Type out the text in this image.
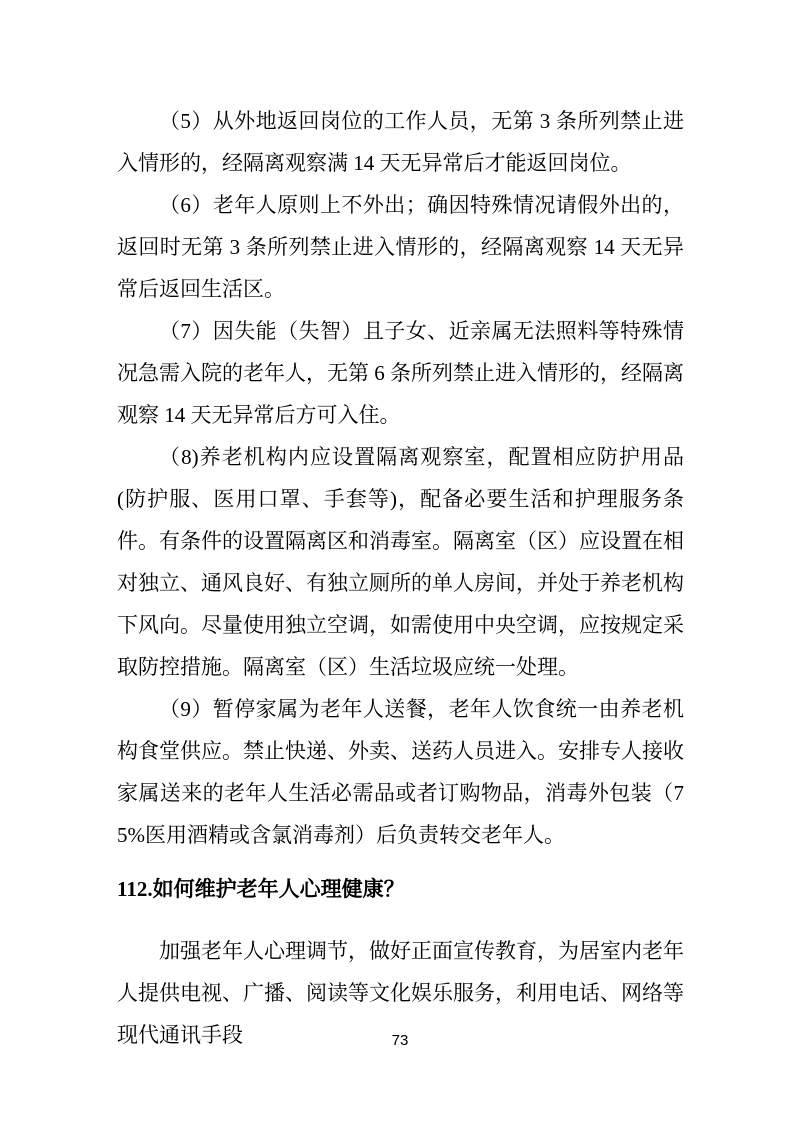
（5）从外地返回岗位的工作人员，无第 3 条所列禁止进入情形的，经隔离观察满 14 天无异常后才能返回岗位。

（6）老年人原则上不外出；确因特殊情况请假外出的，返回时无第 3 条所列禁止进入情形的，经隔离观察 14 天无异常后返回生活区。

（7）因失能（失智）且子女、近亲属无法照料等特殊情况急需入院的老年人，无第 6 条所列禁止进入情形的，经隔离观察 14 天无异常后方可入住。

（8)养老机构内应设置隔离观察室，配置相应防护用品(防护服、医用口罩、手套等)，配备必要生活和护理服务条件。有条件的设置隔离区和消毒室。隔离室（区）应设置在相对独立、通风良好、有独立厕所的单人房间，并处于养老机构下风向。尽量使用独立空调，如需使用中央空调，应按规定采取防控措施。隔离室（区）生活垃圾应统一处理。

（9）暂停家属为老年人送餐，老年人饮食统一由养老机构食堂供应。禁止快递、外卖、送药人员进入。安排专人接收家属送来的老年人生活必需品或者订购物品，消毒外包装（75%医用酒精或含氯消毒剂）后负责转交老年人。

112.如何维护老年人心理健康？

加强老年人心理调节，做好正面宣传教育，为居室内老年人提供电视、广播、阅读等文化娱乐服务，利用电话、网络等现代通讯手段	73
